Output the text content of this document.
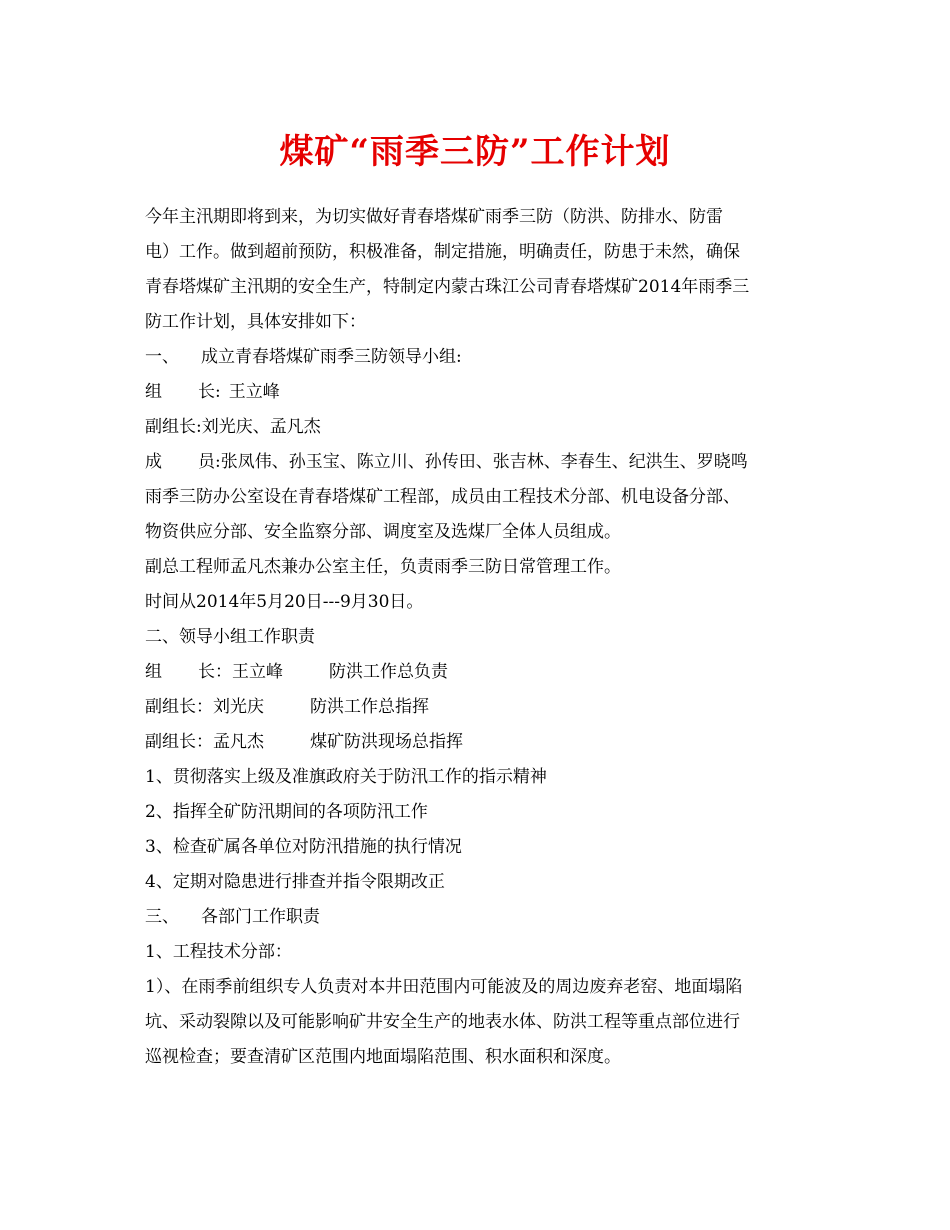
煤矿“雨季三防”工作计划
今年主汛期即将到来，为切实做好青春塔煤矿雨季三防（防洪、防排水、防雷
电）工作。做到超前预防，积极准备，制定措施，明确责任，防患于未然，确保
青春塔煤矿主汛期的安全生产，特制定内蒙古珠江公司青春塔煤矿2014年雨季三
防工作计划，具体安排如下：
一、 成立青春塔煤矿雨季三防领导小组:
组 长: 王立峰
副组长:刘光庆、孟凡杰
成 员:张凤伟、孙玉宝、陈立川、孙传田、张吉林、李春生、纪洪生、罗晓鸣
雨季三防办公室设在青春塔煤矿工程部，成员由工程技术分部、机电设备分部、
物资供应分部、安全监察分部、调度室及选煤厂全体人员组成。
副总工程师孟凡杰兼办公室主任，负责雨季三防日常管理工作。
时间从2014年5月20日---9月30日。
二、领导小组工作职责
组 长：王立峰	防洪工作总负责
副组长：刘光庆	防洪工作总指挥
副组长：孟凡杰	煤矿防洪现场总指挥
1、贯彻落实上级及准旗政府关于防汛工作的指示精神
2、指挥全矿防汛期间的各项防汛工作
3、检查矿属各单位对防汛措施的执行情况
4、定期对隐患进行排查并指令限期改正
三、 各部门工作职责
1、工程技术分部：
1）、在雨季前组织专人负责对本井田范围内可能波及的周边废弃老窑、地面塌陷
坑、采动裂隙以及可能影响矿井安全生产的地表水体、防洪工程等重点部位进行
巡视检查；要查清矿区范围内地面塌陷范围、积水面积和深度。
